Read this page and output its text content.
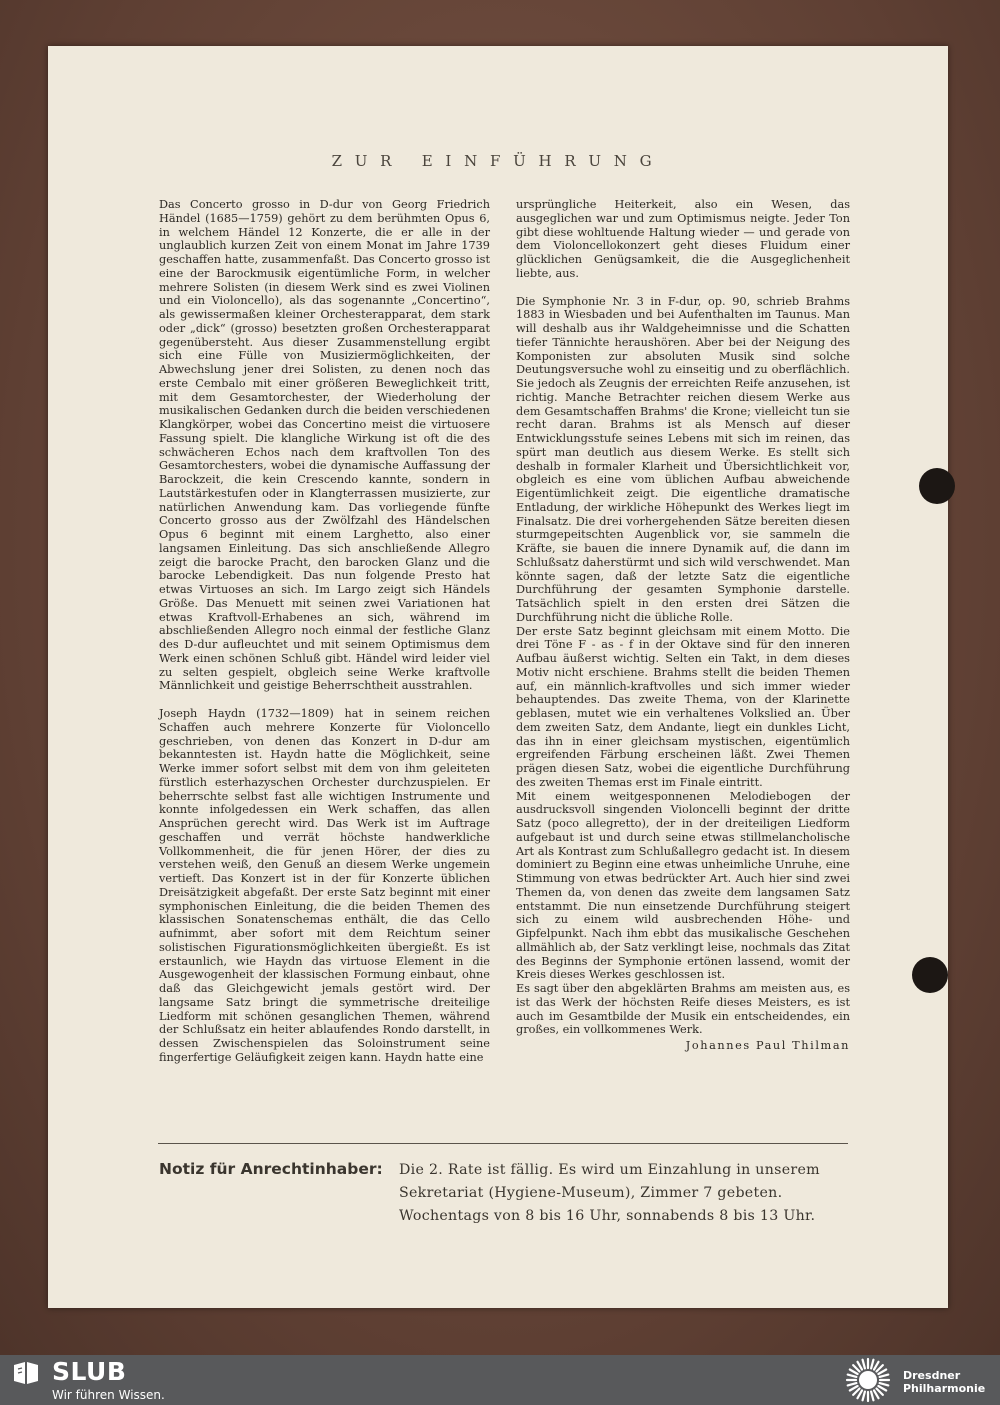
ZUR EINFÜHRUNG

Das Concerto grosso in D-dur von Georg Friedrich Händel (1685—1759) gehört zu dem berühmten Opus 6, in welchem Händel 12 Konzerte, die er alle in der unglaublich kurzen Zeit von einem Monat im Jahre 1739 geschaffen hatte, zusammenfaßt. Das Concerto grosso ist eine der Barockmusik eigentümliche Form, in welcher mehrere Solisten (in diesem Werk sind es zwei Violinen und ein Violoncello), als das sogenannte „Concertino“, als gewissermaßen kleiner Orchesterapparat, dem stark oder „dick“ (grosso) besetzten großen Orchesterapparat gegenübersteht. Aus dieser Zusammenstellung ergibt sich eine Fülle von Musiziermöglichkeiten, der Abwechslung jener drei Solisten, zu denen noch das erste Cembalo mit einer größeren Beweglichkeit tritt, mit dem Gesamtorchester, der Wiederholung der musikalischen Gedanken durch die beiden verschiedenen Klangkörper, wobei das Concertino meist die virtuosere Fassung spielt. Die klangliche Wirkung ist oft die des schwächeren Echos nach dem kraftvollen Ton des Gesamtorchesters, wobei die dynamische Auffassung der Barockzeit, die kein Crescendo kannte, sondern in Lautstärkestufen oder in Klangterrassen musizierte, zur natürlichen Anwendung kam. Das vorliegende fünfte Concerto grosso aus der Zwölfzahl des Händelschen Opus 6 beginnt mit einem Larghetto, also einer langsamen Einleitung. Das sich anschließende Allegro zeigt die barocke Pracht, den barocken Glanz und die barocke Lebendigkeit. Das nun folgende Presto hat etwas Virtuoses an sich. Im Largo zeigt sich Händels Größe. Das Menuett mit seinen zwei Variationen hat etwas Kraftvoll-Erhabenes an sich, während im abschließenden Allegro noch einmal der festliche Glanz des D-dur aufleuchtet und mit seinem Optimismus dem Werk einen schönen Schluß gibt. Händel wird leider viel zu selten gespielt, obgleich seine Werke kraftvolle Männlichkeit und geistige Beherrschtheit ausstrahlen.

Joseph Haydn (1732—1809) hat in seinem reichen Schaffen auch mehrere Konzerte für Violoncello geschrieben, von denen das Konzert in D-dur am bekanntesten ist. Haydn hatte die Möglichkeit, seine Werke immer sofort selbst mit dem von ihm geleiteten fürstlich esterhazyschen Orchester durchzuspielen. Er beherrschte selbst fast alle wichtigen Instrumente und konnte infolgedessen ein Werk schaffen, das allen Ansprüchen gerecht wird. Das Werk ist im Auftrage geschaffen und verrät höchste handwerkliche Vollkommenheit, die für jenen Hörer, der dies zu verstehen weiß, den Genuß an diesem Werke ungemein vertieft. Das Konzert ist in der für Konzerte üblichen Dreisätzigkeit abgefaßt. Der erste Satz beginnt mit einer symphonischen Einleitung, die die beiden Themen des klassischen Sonatenschemas enthält, die das Cello aufnimmt, aber sofort mit dem Reichtum seiner solistischen Figurationsmöglichkeiten übergießt. Es ist erstaunlich, wie Haydn das virtuose Element in die Ausgewogenheit der klassischen Formung einbaut, ohne daß das Gleichgewicht jemals gestört wird. Der langsame Satz bringt die symmetrische dreiteilige Liedform mit schönen gesanglichen Themen, während der Schlußsatz ein heiter ablaufendes Rondo darstellt, in dessen Zwischenspielen das Soloinstrument seine fingerfertige Geläufigkeit zeigen kann. Haydn hatte eine

ursprüngliche Heiterkeit, also ein Wesen, das ausgeglichen war und zum Optimismus neigte. Jeder Ton gibt diese wohltuende Haltung wieder — und gerade von dem Violoncellokonzert geht dieses Fluidum einer glücklichen Genügsamkeit, die die Ausgeglichenheit liebte, aus.

Die Symphonie Nr. 3 in F-dur, op. 90, schrieb Brahms 1883 in Wiesbaden und bei Aufenthalten im Taunus. Man will deshalb aus ihr Waldgeheimnisse und die Schatten tiefer Tännichte heraushören. Aber bei der Neigung des Komponisten zur absoluten Musik sind solche Deutungsversuche wohl zu einseitig und zu oberflächlich. Sie jedoch als Zeugnis der erreichten Reife anzusehen, ist richtig. Manche Betrachter reichen diesem Werke aus dem Gesamtschaffen Brahms' die Krone; vielleicht tun sie recht daran. Brahms ist als Mensch auf dieser Entwicklungsstufe seines Lebens mit sich im reinen, das spürt man deutlich aus diesem Werke. Es stellt sich deshalb in formaler Klarheit und Übersichtlichkeit vor, obgleich es eine vom üblichen Aufbau abweichende Eigentümlichkeit zeigt. Die eigentliche dramatische Entladung, der wirkliche Höhepunkt des Werkes liegt im Finalsatz. Die drei vorhergehenden Sätze bereiten diesen sturmgepeitschten Augenblick vor, sie sammeln die Kräfte, sie bauen die innere Dynamik auf, die dann im Schlußsatz daherstürmt und sich wild verschwendet. Man könnte sagen, daß der letzte Satz die eigentliche Durchführung der gesamten Symphonie darstelle. Tatsächlich spielt in den ersten drei Sätzen die Durchführung nicht die übliche Rolle.

Der erste Satz beginnt gleichsam mit einem Motto. Die drei Töne F - as - f in der Oktave sind für den inneren Aufbau äußerst wichtig. Selten ein Takt, in dem dieses Motiv nicht erschiene. Brahms stellt die beiden Themen auf, ein männlich-kraftvolles und sich immer wieder behauptendes. Das zweite Thema, von der Klarinette geblasen, mutet wie ein verhaltenes Volkslied an. Über dem zweiten Satz, dem Andante, liegt ein dunkles Licht, das ihn in einer gleichsam mystischen, eigentümlich ergreifenden Färbung erscheinen läßt. Zwei Themen prägen diesen Satz, wobei die eigentliche Durchführung des zweiten Themas erst im Finale eintritt.

Mit einem weitgesponnenen Melodiebogen der ausdrucksvoll singenden Violoncelli beginnt der dritte Satz (poco allegretto), der in der dreiteiligen Liedform aufgebaut ist und durch seine etwas stillmelancholische Art als Kontrast zum Schlußallegro gedacht ist. In diesem dominiert zu Beginn eine etwas unheimliche Unruhe, eine Stimmung von etwas bedrückter Art. Auch hier sind zwei Themen da, von denen das zweite dem langsamen Satz entstammt. Die nun einsetzende Durchführung steigert sich zu einem wild ausbrechenden Höhe- und Gipfelpunkt. Nach ihm ebbt das musikalische Geschehen allmählich ab, der Satz verklingt leise, nochmals das Zitat des Beginns der Symphonie ertönen lassend, womit der Kreis dieses Werkes geschlossen ist.

Es sagt über den abgeklärten Brahms am meisten aus, es ist das Werk der höchsten Reife dieses Meisters, es ist auch im Gesamtbilde der Musik ein entscheidendes, ein großes, ein vollkommenes Werk.

Johannes Paul Thilman
Notiz für Anrechtinhaber: Die 2. Rate ist fällig. Es wird um Einzahlung in unserem
Sekretariat (Hygiene-Museum), Zimmer 7 gebeten.
Wochentags von 8 bis 16 Uhr, sonnabends 8 bis 13 Uhr.
SLUB
Wir führen Wissen.
Dresdner
Philharmonie
